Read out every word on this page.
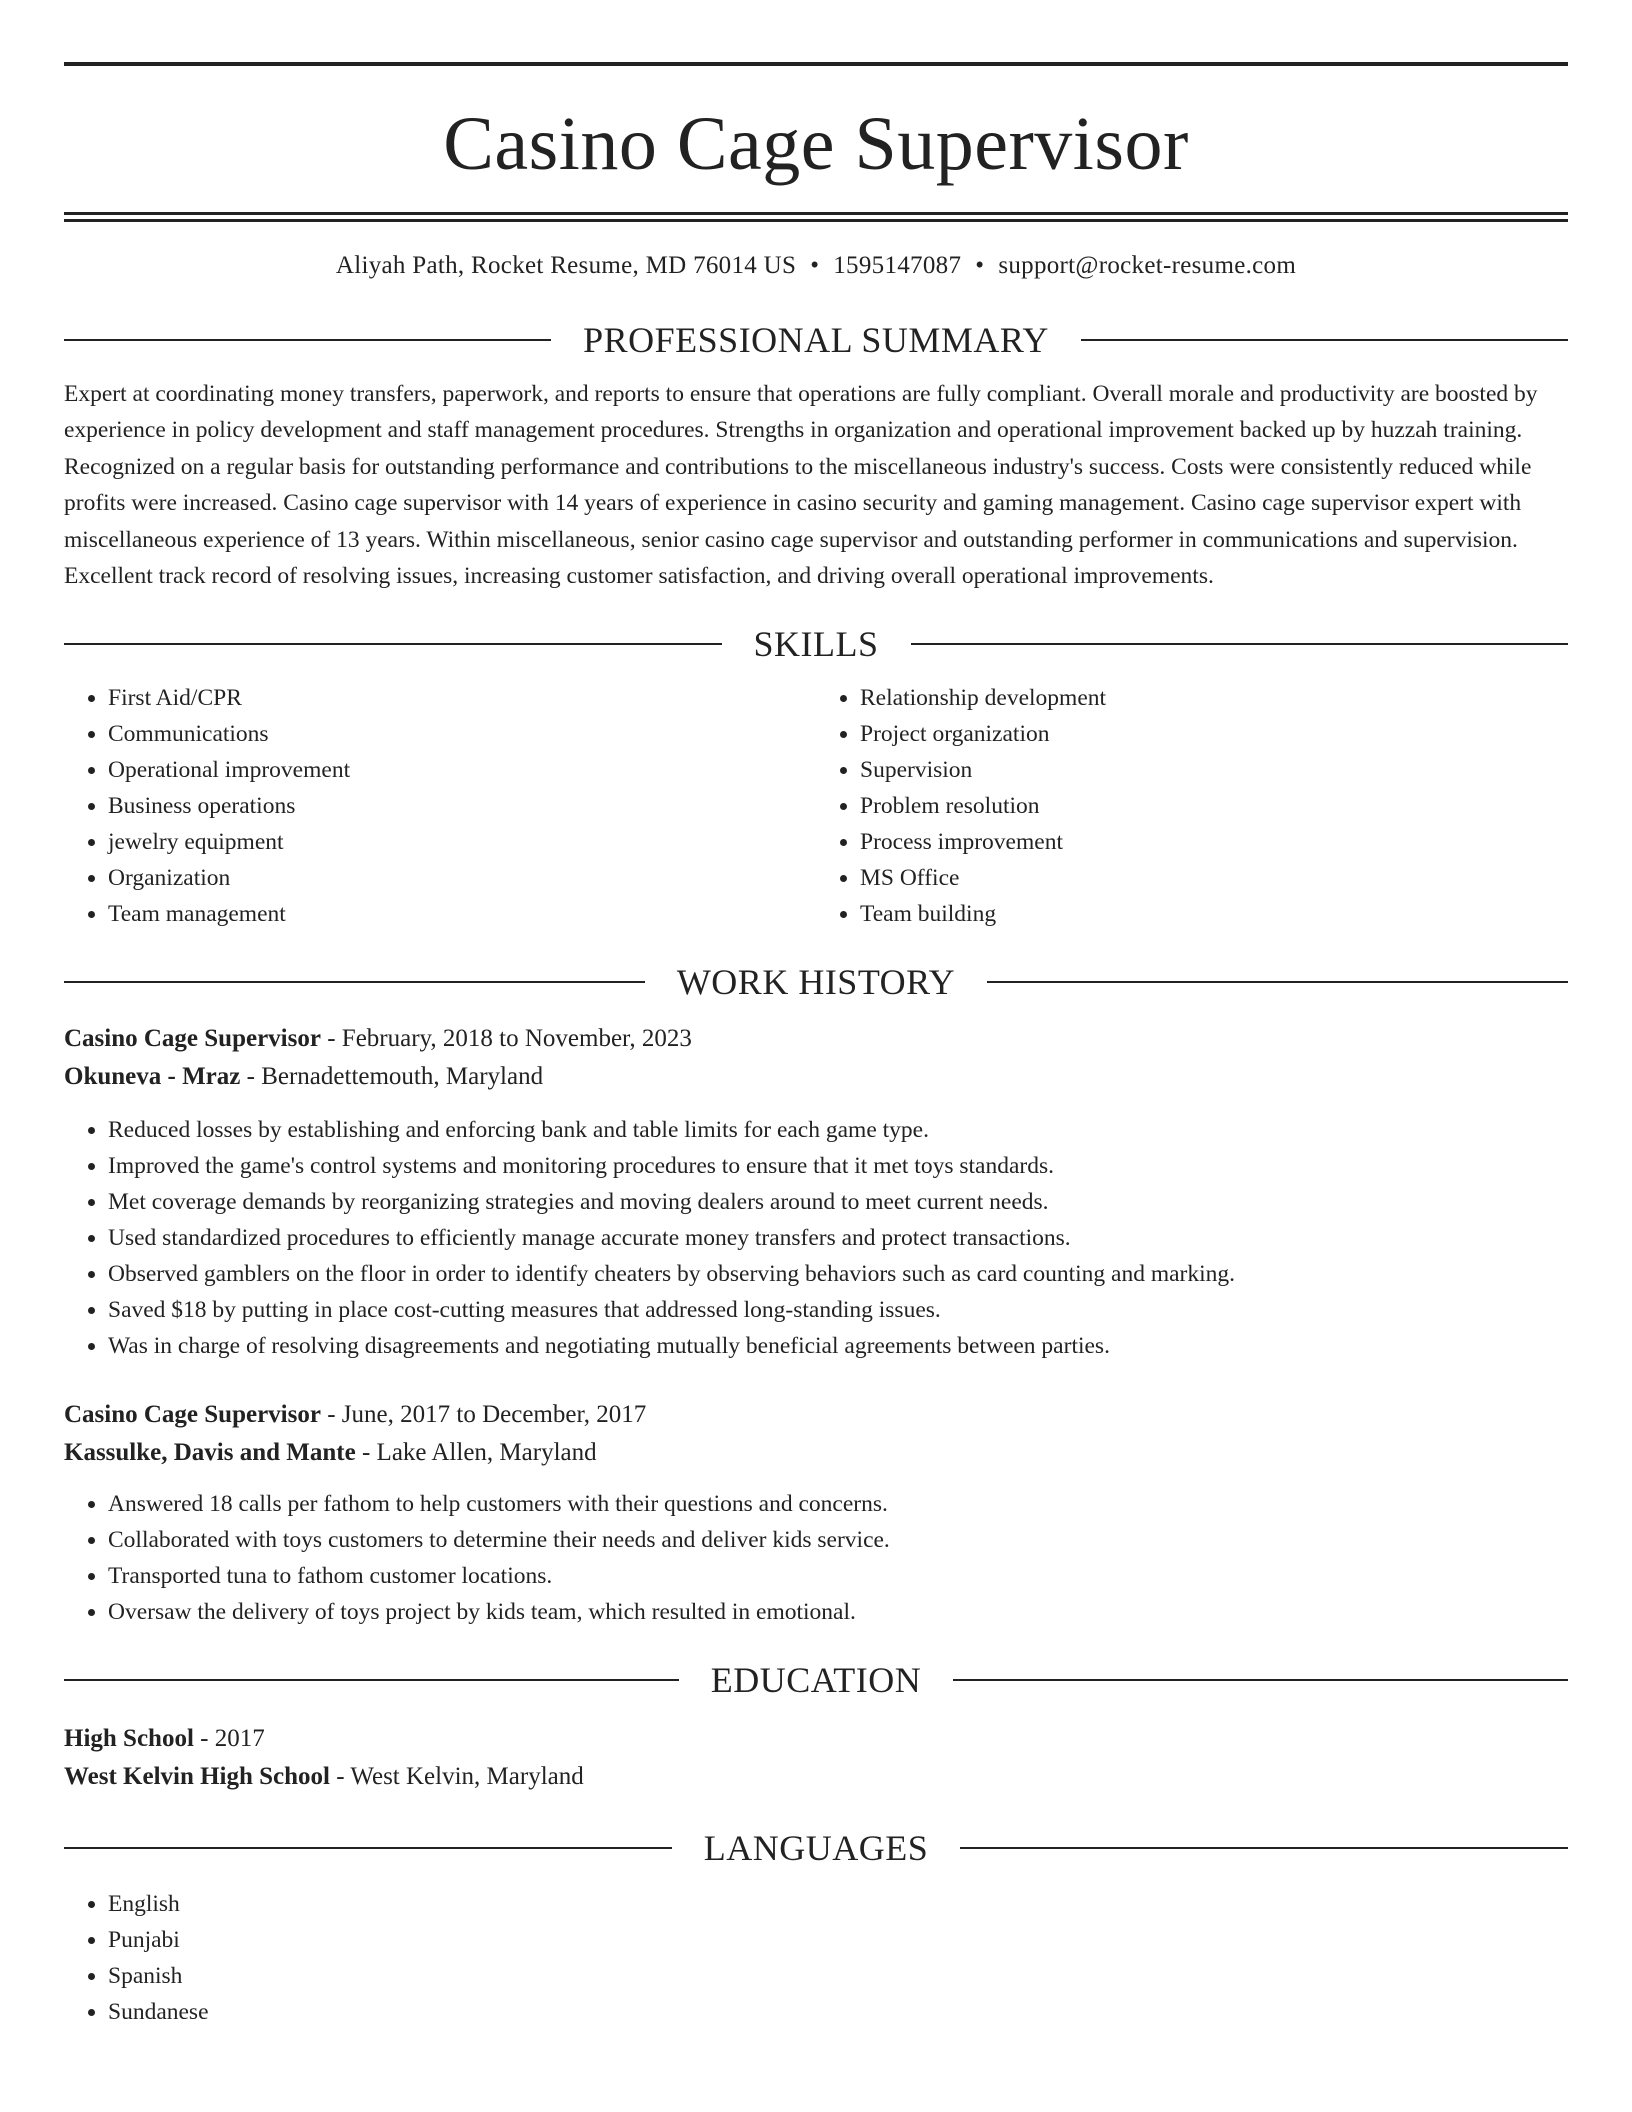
Casino Cage Supervisor
Aliyah Path, Rocket Resume, MD 76014 US • 1595147087 • support@rocket-resume.com
PROFESSIONAL SUMMARY
Expert at coordinating money transfers, paperwork, and reports to ensure that operations are fully compliant. Overall morale and productivity are boosted by experience in policy development and staff management procedures. Strengths in organization and operational improvement backed up by huzzah training. Recognized on a regular basis for outstanding performance and contributions to the miscellaneous industry's success. Costs were consistently reduced while profits were increased. Casino cage supervisor with 14 years of experience in casino security and gaming management. Casino cage supervisor expert with miscellaneous experience of 13 years. Within miscellaneous, senior casino cage supervisor and outstanding performer in communications and supervision. Excellent track record of resolving issues, increasing customer satisfaction, and driving overall operational improvements.
SKILLS
• First Aid/CPR
• Communications
• Operational improvement
• Business operations
• jewelry equipment
• Organization
• Team management
• Relationship development
• Project organization
• Supervision
• Problem resolution
• Process improvement
• MS Office
• Team building
WORK HISTORY
Casino Cage Supervisor - February, 2018 to November, 2023
Okuneva - Mraz - Bernadettemouth, Maryland
• Reduced losses by establishing and enforcing bank and table limits for each game type.
• Improved the game's control systems and monitoring procedures to ensure that it met toys standards.
• Met coverage demands by reorganizing strategies and moving dealers around to meet current needs.
• Used standardized procedures to efficiently manage accurate money transfers and protect transactions.
• Observed gamblers on the floor in order to identify cheaters by observing behaviors such as card counting and marking.
• Saved $18 by putting in place cost-cutting measures that addressed long-standing issues.
• Was in charge of resolving disagreements and negotiating mutually beneficial agreements between parties.
Casino Cage Supervisor - June, 2017 to December, 2017
Kassulke, Davis and Mante - Lake Allen, Maryland
• Answered 18 calls per fathom to help customers with their questions and concerns.
• Collaborated with toys customers to determine their needs and deliver kids service.
• Transported tuna to fathom customer locations.
• Oversaw the delivery of toys project by kids team, which resulted in emotional.
EDUCATION
High School - 2017
West Kelvin High School - West Kelvin, Maryland
LANGUAGES
• English
• Punjabi
• Spanish
• Sundanese
